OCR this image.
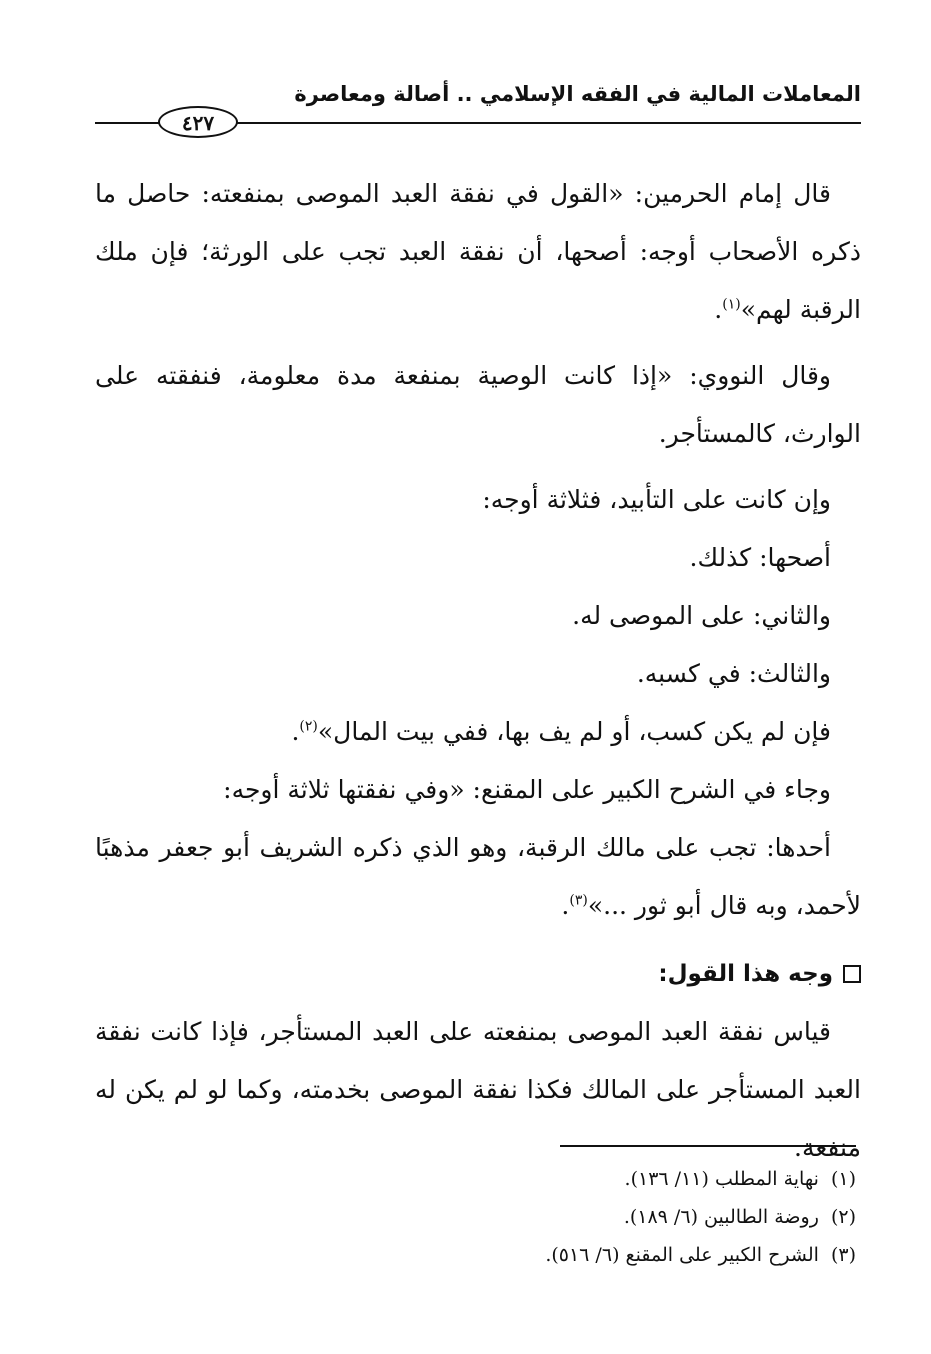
المعاملات المالية في الفقه الإسلامي .. أصالة ومعاصرة
٤٢٧

قال إمام الحرمين: «القول في نفقة العبد الموصى بمنفعته: حاصل ما ذكره الأصحاب أوجه: أصحها، أن نفقة العبد تجب على الورثة؛ فإن ملك الرقبة لهم»$^{(١)}$.

وقال النووي: «إذا كانت الوصية بمنفعة مدة معلومة، فنفقته على الوارث، كالمستأجر.

وإن كانت على التأبيد، فثلاثة أوجه:

أصحها: كذلك.

والثاني: على الموصى له.

والثالث: في كسبه.

فإن لم يكن كسب، أو لم يف بها، ففي بيت المال»$^{(٢)}$.

وجاء في الشرح الكبير على المقنع: «وفي نفقتها ثلاثة أوجه:

أحدها: تجب على مالك الرقبة، وهو الذي ذكره الشريف أبو جعفر مذهبًا لأحمد، وبه قال أبو ثور ...»$^{(٣)}$.

وجه هذا القول:

قياس نفقة العبد الموصى بمنفعته على العبد المستأجر، فإذا كانت نفقة العبد المستأجر على المالك فكذا نفقة الموصى بخدمته، وكما لو لم يكن له منفعة.

(١) نهاية المطلب (١١/ ١٣٦).
(٢) روضة الطالبين (٦/ ١٨٩).
(٣) الشرح الكبير على المقنع (٦/ ٥١٦).
